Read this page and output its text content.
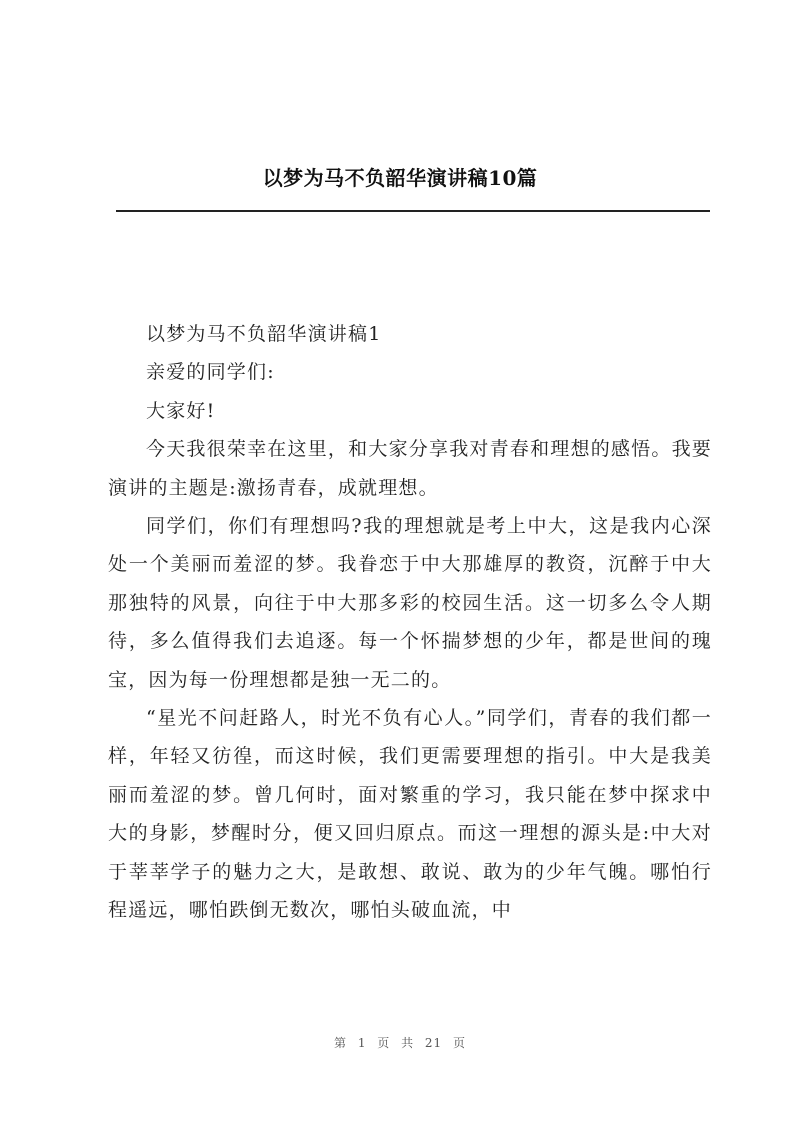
以梦为马不负韶华演讲稿10篇

以梦为马不负韶华演讲稿1

亲爱的同学们:

大家好!

今天我很荣幸在这里，和大家分享我对青春和理想的感悟。我要演讲的主题是:激扬青春，成就理想。

同学们，你们有理想吗?我的理想就是考上中大，这是我内心深处一个美丽而羞涩的梦。我眷恋于中大那雄厚的教资，沉醉于中大那独特的风景，向往于中大那多彩的校园生活。这一切多么令人期待，多么值得我们去追逐。每一个怀揣梦想的少年，都是世间的瑰宝，因为每一份理想都是独一无二的。

“星光不问赶路人，时光不负有心人。”同学们，青春的我们都一样，年轻又彷徨，而这时候，我们更需要理想的指引。中大是我美丽而羞涩的梦。曾几何时，面对繁重的学习，我只能在梦中探求中大的身影，梦醒时分，便又回归原点。而这一理想的源头是:中大对于莘莘学子的魅力之大，是敢想、敢说、敢为的少年气魄。哪怕行程遥远，哪怕跌倒无数次，哪怕头破血流，中

第 1 页 共 21 页
